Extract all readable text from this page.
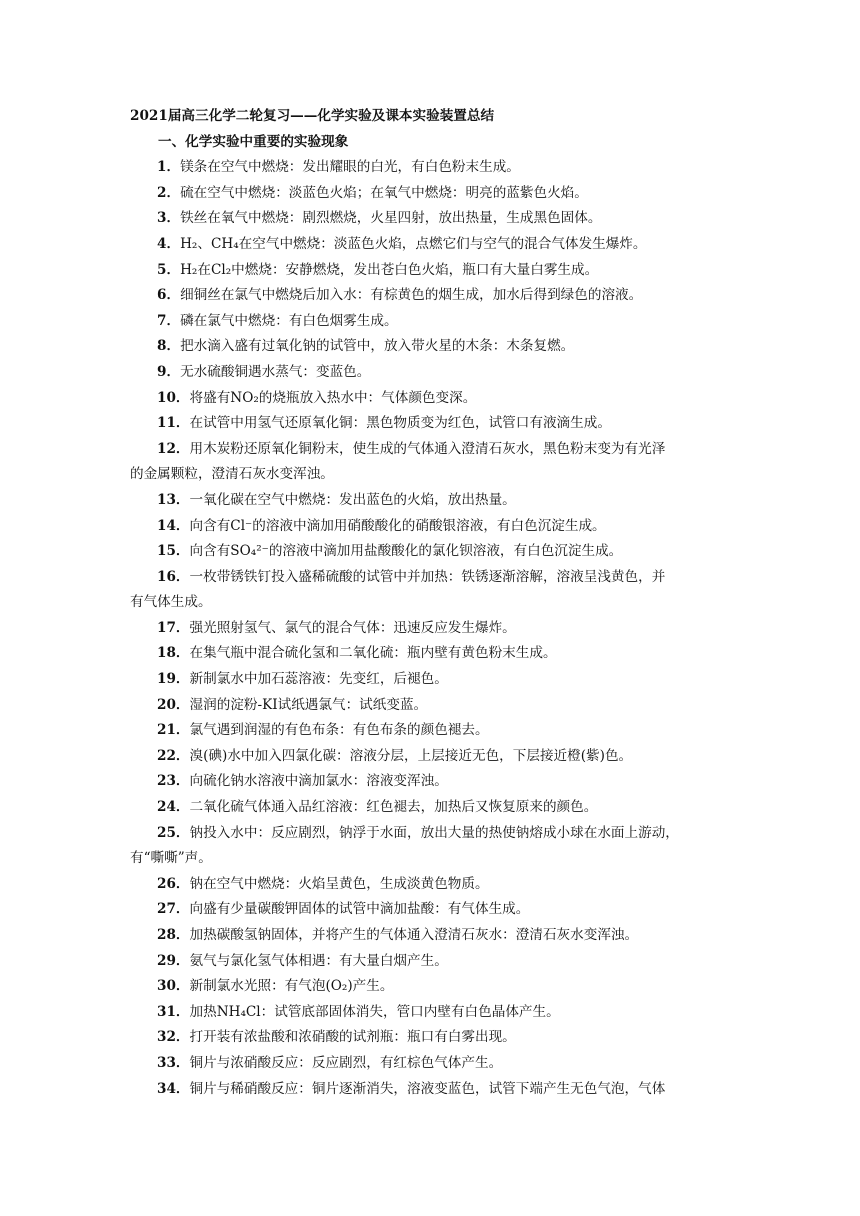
2021届高三化学二轮复习——化学实验及课本实验装置总结
一、化学实验中重要的实验现象
1．镁条在空气中燃烧：发出耀眼的白光，有白色粉末生成。
2．硫在空气中燃烧：淡蓝色火焰；在氧气中燃烧：明亮的蓝紫色火焰。
3．铁丝在氧气中燃烧：剧烈燃烧，火星四射，放出热量，生成黑色固体。
4．H₂、CH₄在空气中燃烧：淡蓝色火焰，点燃它们与空气的混合气体发生爆炸。
5．H₂在Cl₂中燃烧：安静燃烧，发出苍白色火焰，瓶口有大量白雾生成。
6．细铜丝在氯气中燃烧后加入水：有棕黄色的烟生成，加水后得到绿色的溶液。
7．磷在氯气中燃烧：有白色烟雾生成。
8．把水滴入盛有过氧化钠的试管中，放入带火星的木条：木条复燃。
9．无水硫酸铜遇水蒸气：变蓝色。
10．将盛有NO₂的烧瓶放入热水中：气体颜色变深。
11．在试管中用氢气还原氧化铜：黑色物质变为红色，试管口有液滴生成。
12．用木炭粉还原氧化铜粉末，使生成的气体通入澄清石灰水，黑色粉末变为有光泽
的金属颗粒，澄清石灰水变浑浊。
13．一氧化碳在空气中燃烧：发出蓝色的火焰，放出热量。
14．向含有Cl⁻的溶液中滴加用硝酸酸化的硝酸银溶液，有白色沉淀生成。
15．向含有SO₄²⁻的溶液中滴加用盐酸酸化的氯化钡溶液，有白色沉淀生成。
16．一枚带锈铁钉投入盛稀硫酸的试管中并加热：铁锈逐渐溶解，溶液呈浅黄色，并
有气体生成。
17．强光照射氢气、氯气的混合气体：迅速反应发生爆炸。
18．在集气瓶中混合硫化氢和二氧化硫：瓶内壁有黄色粉末生成。
19．新制氯水中加石蕊溶液：先变红，后褪色。
20．湿润的淀粉-KI试纸遇氯气：试纸变蓝。
21．氯气遇到润湿的有色布条：有色布条的颜色褪去。
22．溴(碘)水中加入四氯化碳：溶液分层，上层接近无色，下层接近橙(紫)色。
23．向硫化钠水溶液中滴加氯水：溶液变浑浊。
24．二氧化硫气体通入品红溶液：红色褪去，加热后又恢复原来的颜色。
25．钠投入水中：反应剧烈，钠浮于水面，放出大量的热使钠熔成小球在水面上游动，
有“嘶嘶”声。
26．钠在空气中燃烧：火焰呈黄色，生成淡黄色物质。
27．向盛有少量碳酸钾固体的试管中滴加盐酸：有气体生成。
28．加热碳酸氢钠固体，并将产生的气体通入澄清石灰水：澄清石灰水变浑浊。
29．氨气与氯化氢气体相遇：有大量白烟产生。
30．新制氯水光照：有气泡(O₂)产生。
31．加热NH₄Cl：试管底部固体消失，管口内壁有白色晶体产生。
32．打开装有浓盐酸和浓硝酸的试剂瓶：瓶口有白雾出现。
33．铜片与浓硝酸反应：反应剧烈，有红棕色气体产生。
34．铜片与稀硝酸反应：铜片逐渐消失，溶液变蓝色，试管下端产生无色气泡，气体
